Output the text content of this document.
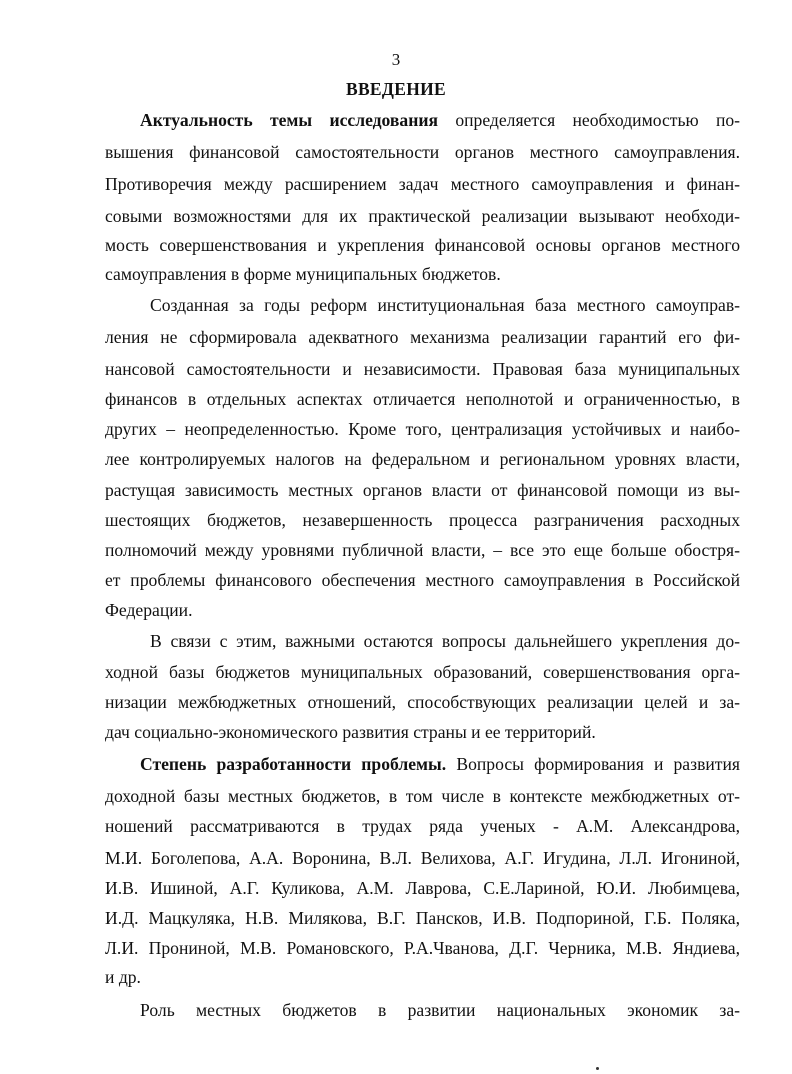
3
ВВЕДЕНИЕ
Актуальность темы исследования определяется необходимостью по-
вышения финансовой самостоятельности органов местного самоуправления.
Противоречия между расширением задач местного самоуправления и финан-
совыми возможностями для их практической реализации вызывают необходи-
мость совершенствования и укрепления финансовой основы органов местного
самоуправления в форме муниципальных бюджетов.
Созданная за годы реформ институциональная база местного самоуправ-
ления не сформировала адекватного механизма реализации гарантий его фи-
нансовой самостоятельности и независимости. Правовая база муниципальных
финансов в отдельных аспектах отличается неполнотой и ограниченностью, в
других – неопределенностью. Кроме того, централизация устойчивых и наибо-
лее контролируемых налогов на федеральном и региональном уровнях власти,
растущая зависимость местных органов власти от финансовой помощи из вы-
шестоящих бюджетов, незавершенность процесса разграничения расходных
полномочий между уровнями публичной власти, – все это еще больше обостря-
ет проблемы финансового обеспечения местного самоуправления в Российской
Федерации.
В связи с этим, важными остаются вопросы дальнейшего укрепления до-
ходной базы бюджетов муниципальных образований, совершенствования орга-
низации межбюджетных отношений, способствующих реализации целей и за-
дач социально-экономического развития страны и ее территорий.
Степень разработанности проблемы. Вопросы формирования и развития
доходной базы местных бюджетов, в том числе в контексте межбюджетных от-
ношений рассматриваются в трудах ряда ученых - А.М. Александрова,
М.И. Боголепова, А.А. Воронина, В.Л. Велихова, А.Г. Игудина, Л.Л. Игониной,
И.В. Ишиной, А.Г. Куликова, А.М. Лаврова, С.Е.Лариной, Ю.И. Любимцева,
И.Д. Мацкуляка, Н.В. Милякова, В.Г. Пансков, И.В. Подпориной, Г.Б. Поляка,
Л.И. Прониной, М.В. Романовского, Р.А.Чванова, Д.Г. Черника, М.В. Яндиева,
и др.
Роль местных бюджетов в развитии национальных экономик за-
